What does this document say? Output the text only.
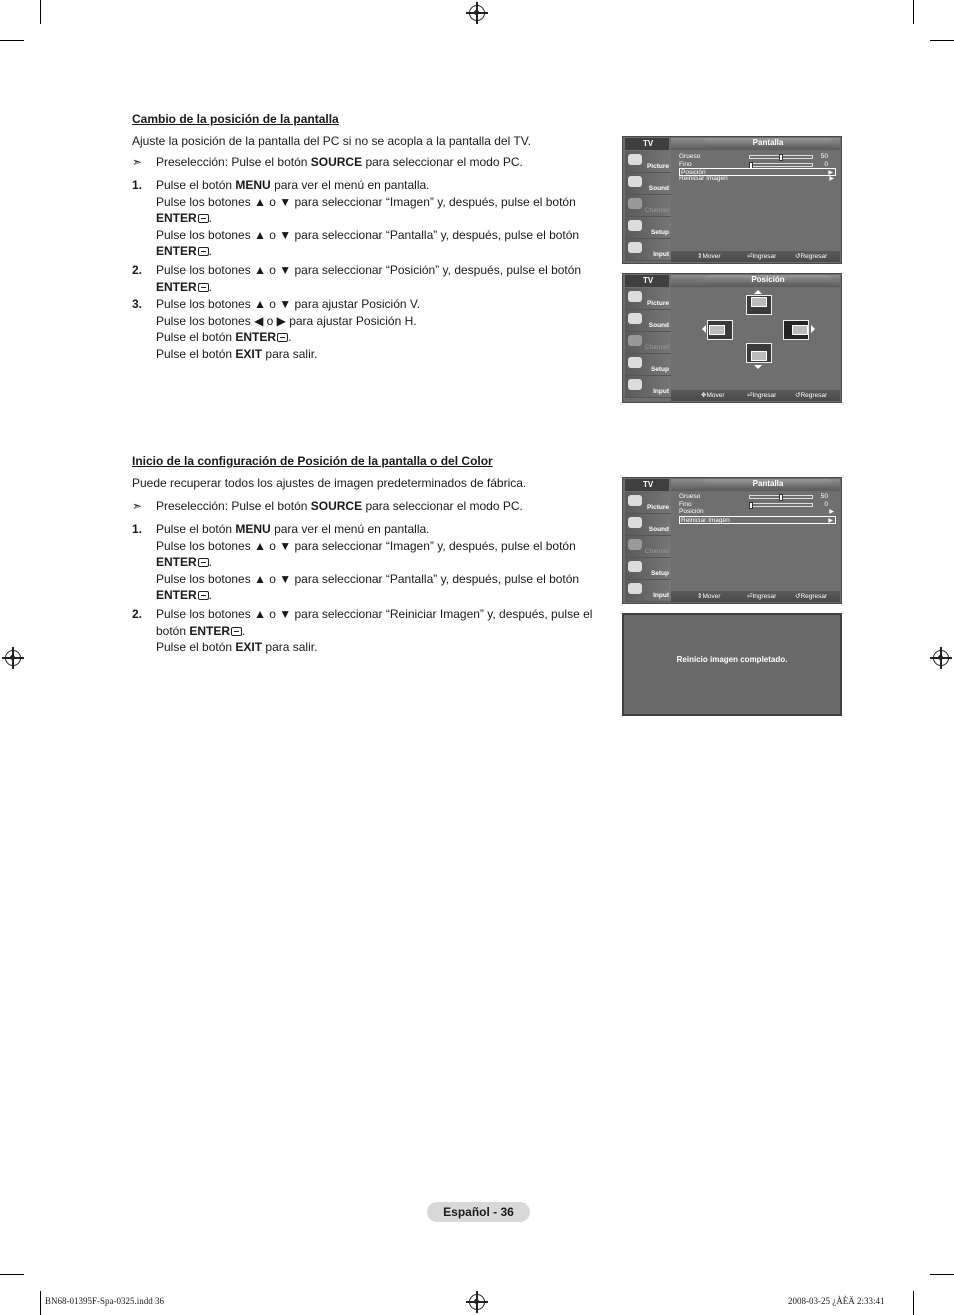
Cambio de la posición de la pantalla
Ajuste la posición de la pantalla del PC si no se acopla a la pantalla del TV.
➣ Preselección: Pulse el botón SOURCE para seleccionar el modo PC.
1. Pulse el botón MENU para ver el menú en pantalla.
Pulse los botones ▲ o ▼ para seleccionar “Imagen” y, después, pulse el botón
ENTER .
Pulse los botones ▲ o ▼ para seleccionar “Pantalla” y, después, pulse el botón
ENTER .
2. Pulse los botones ▲ o ▼ para seleccionar “Posición” y, después, pulse el botón
ENTER .
3. Pulse los botones ▲ o ▼ para ajustar Posición V.
Pulse los botones ◀ o ▶ para ajustar Posición H.
Pulse el botón ENTER .
Pulse el botón EXIT para salir.
TV	Pantalla
Picture
Sound
Channel
Setup
Input
Grueso	50
Fino	0
Posición	▶
Reiniciar Imagen	▶
⇕ Mover	⏎ Ingresar	↺ Regresar
TV	Posición
Picture
Sound
Channel
Setup
Input
✥ Mover	⏎ Ingresar	↺ Regresar
Inicio de la configuración de Posición de la pantalla o del Color
Puede recuperar todos los ajustes de imagen predeterminados de fábrica.
➣ Preselección: Pulse el botón SOURCE para seleccionar el modo PC.
1. Pulse el botón MENU para ver el menú en pantalla.
Pulse los botones ▲ o ▼ para seleccionar “Imagen” y, después, pulse el botón
ENTER .
Pulse los botones ▲ o ▼ para seleccionar “Pantalla” y, después, pulse el botón
ENTER .
2. Pulse los botones ▲ o ▼ para seleccionar “Reiniciar Imagen” y, después, pulse el
botón ENTER .
Pulse el botón EXIT para salir.
TV	Pantalla
Picture
Sound
Channel
Setup
Input
Grueso	50
Fino	0
Posición	▶
Reiniciar Imagen	▶
⇕ Mover	⏎ Ingresar	↺ Regresar
Reinicio imagen completado.
Español - 36
BN68-01395F-Spa-0325.indd 36	2008-03-25 ¿ÀÈÄ 2:33:41
